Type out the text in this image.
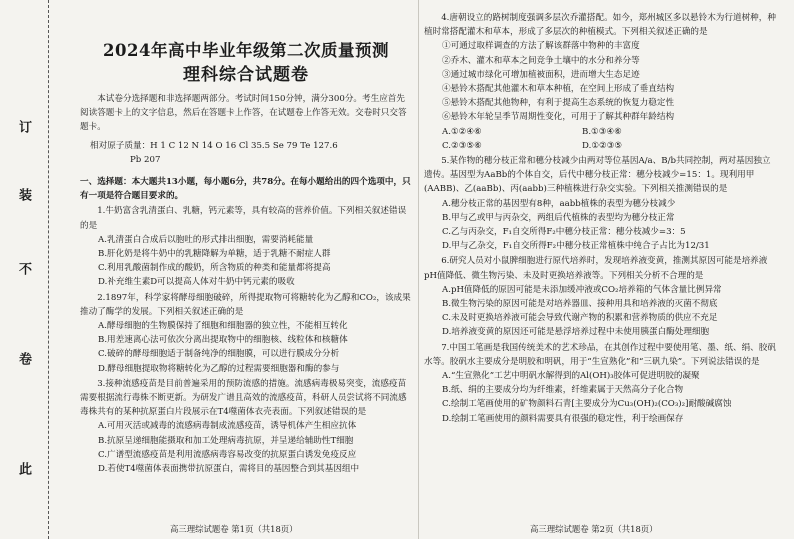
此
卷
不
装
订
2024年高中毕业年级第二次质量预测
理科综合试题卷

本试卷分选择题和非选择题两部分。考试时间150分钟，满分300分。考生应首先阅读答题卡上的文字信息，然后在答题卡上作答，在试题卷上作答无效。交卷时只交答题卡。

相对原子质量：H 1 C 12 N 14 O 16 Cl 35.5 Se 79 Te 127.6
Pb 207

一、选择题：本大题共13小题，每小题6分，共78分。在每小题给出的四个选项中，只有一项是符合题目要求的。

1.牛奶富含乳清蛋白、乳糖，钙元素等，具有较高的营养价值。下列相关叙述错误的是

A.乳清蛋白合成后以胞吐的形式排出细胞，需要消耗能量
B.肝化奶是将牛奶中的乳糖降解为单糖，适于乳糖不耐症人群
C.利用乳酸菌制作成的酸奶，所含物质的种类和能量都将提高
D.补充维生素D可以提高人体对牛奶中钙元素的吸收

2.1897年，科学家将酵母细胞破碎，所得提取物可将糖转化为乙醇和CO₂，该成果推动了酶学的发展。下列相关叙述正确的是

A.酵母细胞的生物膜保持了细胞和细胞器的独立性，不能相互转化
B.用差速离心法可依次分离出提取物中的细胞核、线粒体和核糖体
C.破碎的酵母细胞适于制备纯净的细胞膜，可以进行膜成分分析
D.酵母细胞提取物将糖转化为乙醇的过程需要细胞器和酶的参与

3.接种流感疫苗是目前普遍采用的预防流感的措施。流感病毒极易突变，流感疫苗需要根据流行毒株不断更新。为研发广谱且高效的流感疫苗，科研人员尝试将不同流感毒株共有的某种抗原蛋白片段展示在T4噬菌体衣壳表面。下列叙述错误的是

A.可用灭活或减毒的流感病毒制成流感疫苗，诱导机体产生相应抗体
B.抗原呈递细胞能摄取和加工处理病毒抗原，并呈递给辅助性T细胞
C.广谱型流感疫苗是利用流感病毒容易改变的抗原蛋白诱发免疫反应
D.若使T4噬菌体表面携带抗原蛋白，需将目的基因整合到其基因组中

4.唐朝设立的路树制度强调多层次乔灌搭配。如今，郑州城区多以悬铃木为行道树种，种植时常搭配灌木和草本，形成了多层次的种植模式。下列相关叙述正确的是

①可通过取样调查的方法了解该群落中物种的丰富度
②乔木、灌木和草本之间竞争土壤中的水分和养分等
③通过城市绿化可增加植被面积，进而增大生态足迹
④悬铃木搭配其他灌木和草本种植，在空间上形成了垂直结构
⑤悬铃木搭配其他物种，有利于提高生态系统的恢复力稳定性
⑥悬铃木年轮呈季节周期性变化，可用于了解其种群年龄结构
A.①②④⑥	B.①③④⑥
C.②③⑤⑥	D.①②③⑤

5.某作物的穗分枝正常和穗分枝减少由两对等位基因A/a、B/b共同控制，两对基因独立遗传。基因型为AaBb的个体自交，后代中穗分枝正常：穗分枝减少=15：1。现利用甲(AABB)、乙(aaBb)、丙(aabb)三种植株进行杂交实验。下列相关推测错误的是

A.穗分枝正常的基因型有8种，aabb植株的表型为穗分枝减少
B.甲与乙或甲与丙杂交，两组后代植株的表型均为穗分枝正常
C.乙与丙杂交，F₁自交所得F₂中穗分枝正常：穗分枝减少=3：5
D.甲与乙杂交，F₁自交所得F₂中穗分枝正常植株中纯合子占比为12/31

6.研究人员对小鼠脾细胞进行原代培养时，发现培养液变黄，推测其原因可能是培养液pH值降低、微生物污染、未及时更换培养液等。下列相关分析不合理的是

A.pH值降低的原因可能是未添加缓冲液或CO₂培养箱的气体含量比例异常
B.微生物污染的原因可能是对培养器皿、接种用具和培养液的灭菌不彻底
C.未及时更换培养液可能会导致代谢产物的积累和营养物质的供应不充足
D.培养液变黄的原因还可能是悬浮培养过程中未使用胰蛋白酶处理细胞

7.中国工笔画是我国传统美术的艺术珍品，在其创作过程中要使用笔、墨、纸、绢、胶矾水等。胶矾水主要成分是明胶和明矾，用于“生宣熟化”和“三矾九染”。下列说法错误的是

A.“生宣熟化”工艺中明矾水解得到的Al(OH)₃胶体可促进明胶的凝聚
B.纸、绢的主要成分均为纤维素，纤维素属于天然高分子化合物
C.绘制工笔画使用的矿物颜料石青[主要成分为Cu₃(OH)₂(CO₃)₂]耐酸碱腐蚀
D.绘制工笔画使用的颜料需要具有很强的稳定性，利于绘画保存
高三理综试题卷 第1页（共18页）	高三理综试题卷 第2页（共18页）
